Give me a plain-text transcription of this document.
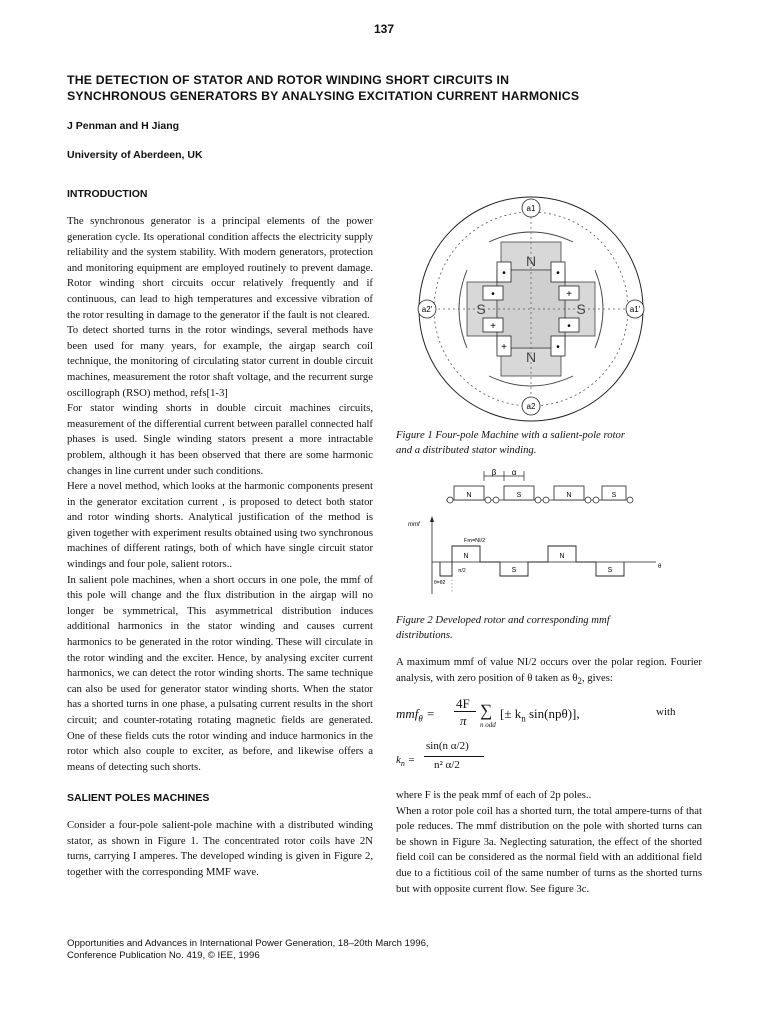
137
THE DETECTION OF STATOR AND ROTOR WINDING SHORT CIRCUITS IN
SYNCHRONOUS GENERATORS BY ANALYSING EXCITATION CURRENT HARMONICS
J Penman and H Jiang
University of Aberdeen, UK
INTRODUCTION

The synchronous generator is a principal elements of the power generation cycle. Its operational condition affects the electricity supply reliability and the system stability. With modern generators, protection and monitoring equipment are employed routinely to prevent damage. Rotor winding short circuits occur relatively frequently and if continuous, can lead to high temperatures and excessive vibration of the rotor resulting in damage to the generator if the fault is not cleared.

To detect shorted turns in the rotor windings, several methods have been used for many years, for example, the airgap search coil technique, the monitoring of circulating stator current in double circuit machines, measurement the rotor shaft voltage, and the recurrent surge oscillograph (RSO) method, refs[1-3]

For stator winding shorts in double circuit machines circuits, measurement of the differential current between parallel connected half phases is used. Single winding stators present a more intractable problem, although it has been observed that there are some harmonic changes in line current under such conditions.

Here a novel method, which looks at the harmonic components present in the generator excitation current , is proposed to detect both stator and rotor winding shorts. Analytical justification of the method is given together with experiment results obtained using two synchronous machines of different ratings, both of which have single circuit stator windings and four pole, salient rotors..

In salient pole machines, when a short occurs in one pole, the mmf of this pole will change and the flux distribution in the airgap will no longer be symmetrical, This asymmetrical distribution induces additional harmonics in the stator winding and causes current harmonics to be generated in the rotor winding. These will circulate in the rotor winding and the exciter. Hence, by analysing exciter current harmonics, we can detect the rotor winding shorts. The same technique can also be used for generator stator winding shorts. When the stator has a shorted turns in one phase, a pulsating current results in the short circuit; and counter-rotating rotating magnetic fields are generated. One of these fields cuts the rotor winding and induce harmonics in the rotor which also couple to exciter, as before, and likewise offers a means of detecting such shorts.

SALIENT POLES MACHINES

Consider a four-pole salient-pole machine with a distributed winding stator, as shown in Figure 1. The concentrated rotor coils have 2N turns, carrying I amperes. The developed winding is given in Figure 2, together with the corresponding MMF wave.

•	•
+	•
+
+
•
•
N
N
S	S
a1
a2
a2'	a1'
Figure 1 Four-pole Machine with a salient-pole rotor
and a distributed stator winding.
β α
N	S	N	S
mmf
Fm=NI/2
θ
π/2
θ=θ2
N
S
N
S
Figure 2 Developed rotor and corresponding mmf
distributions.
A maximum mmf of value NI/2 occurs over the polar region. Fourier analysis, with zero position of θ taken as $\theta_2$, gives:
mmf$_\theta$ =
4F
π
∑
n odd
[± $k_n$ sin(npθ)],	with
$k_n$ =
sin(n α/2)
n² α/2

where F is the peak mmf of each of 2p poles..

When a rotor pole coil has a shorted turn, the total ampere-turns of that pole reduces. The mmf distribution on the pole with shorted turns can be shown in Figure 3a. Neglecting saturation, the effect of the shorted field coil can be considered as the normal field with an additional field due to a fictitious coil of the same number of turns as the shorted turns but with opposite current flow. See figure 3c.

Opportunities and Advances in International Power Generation, 18–20th March 1996,
Conference Publication No. 419, © IEE, 1996
